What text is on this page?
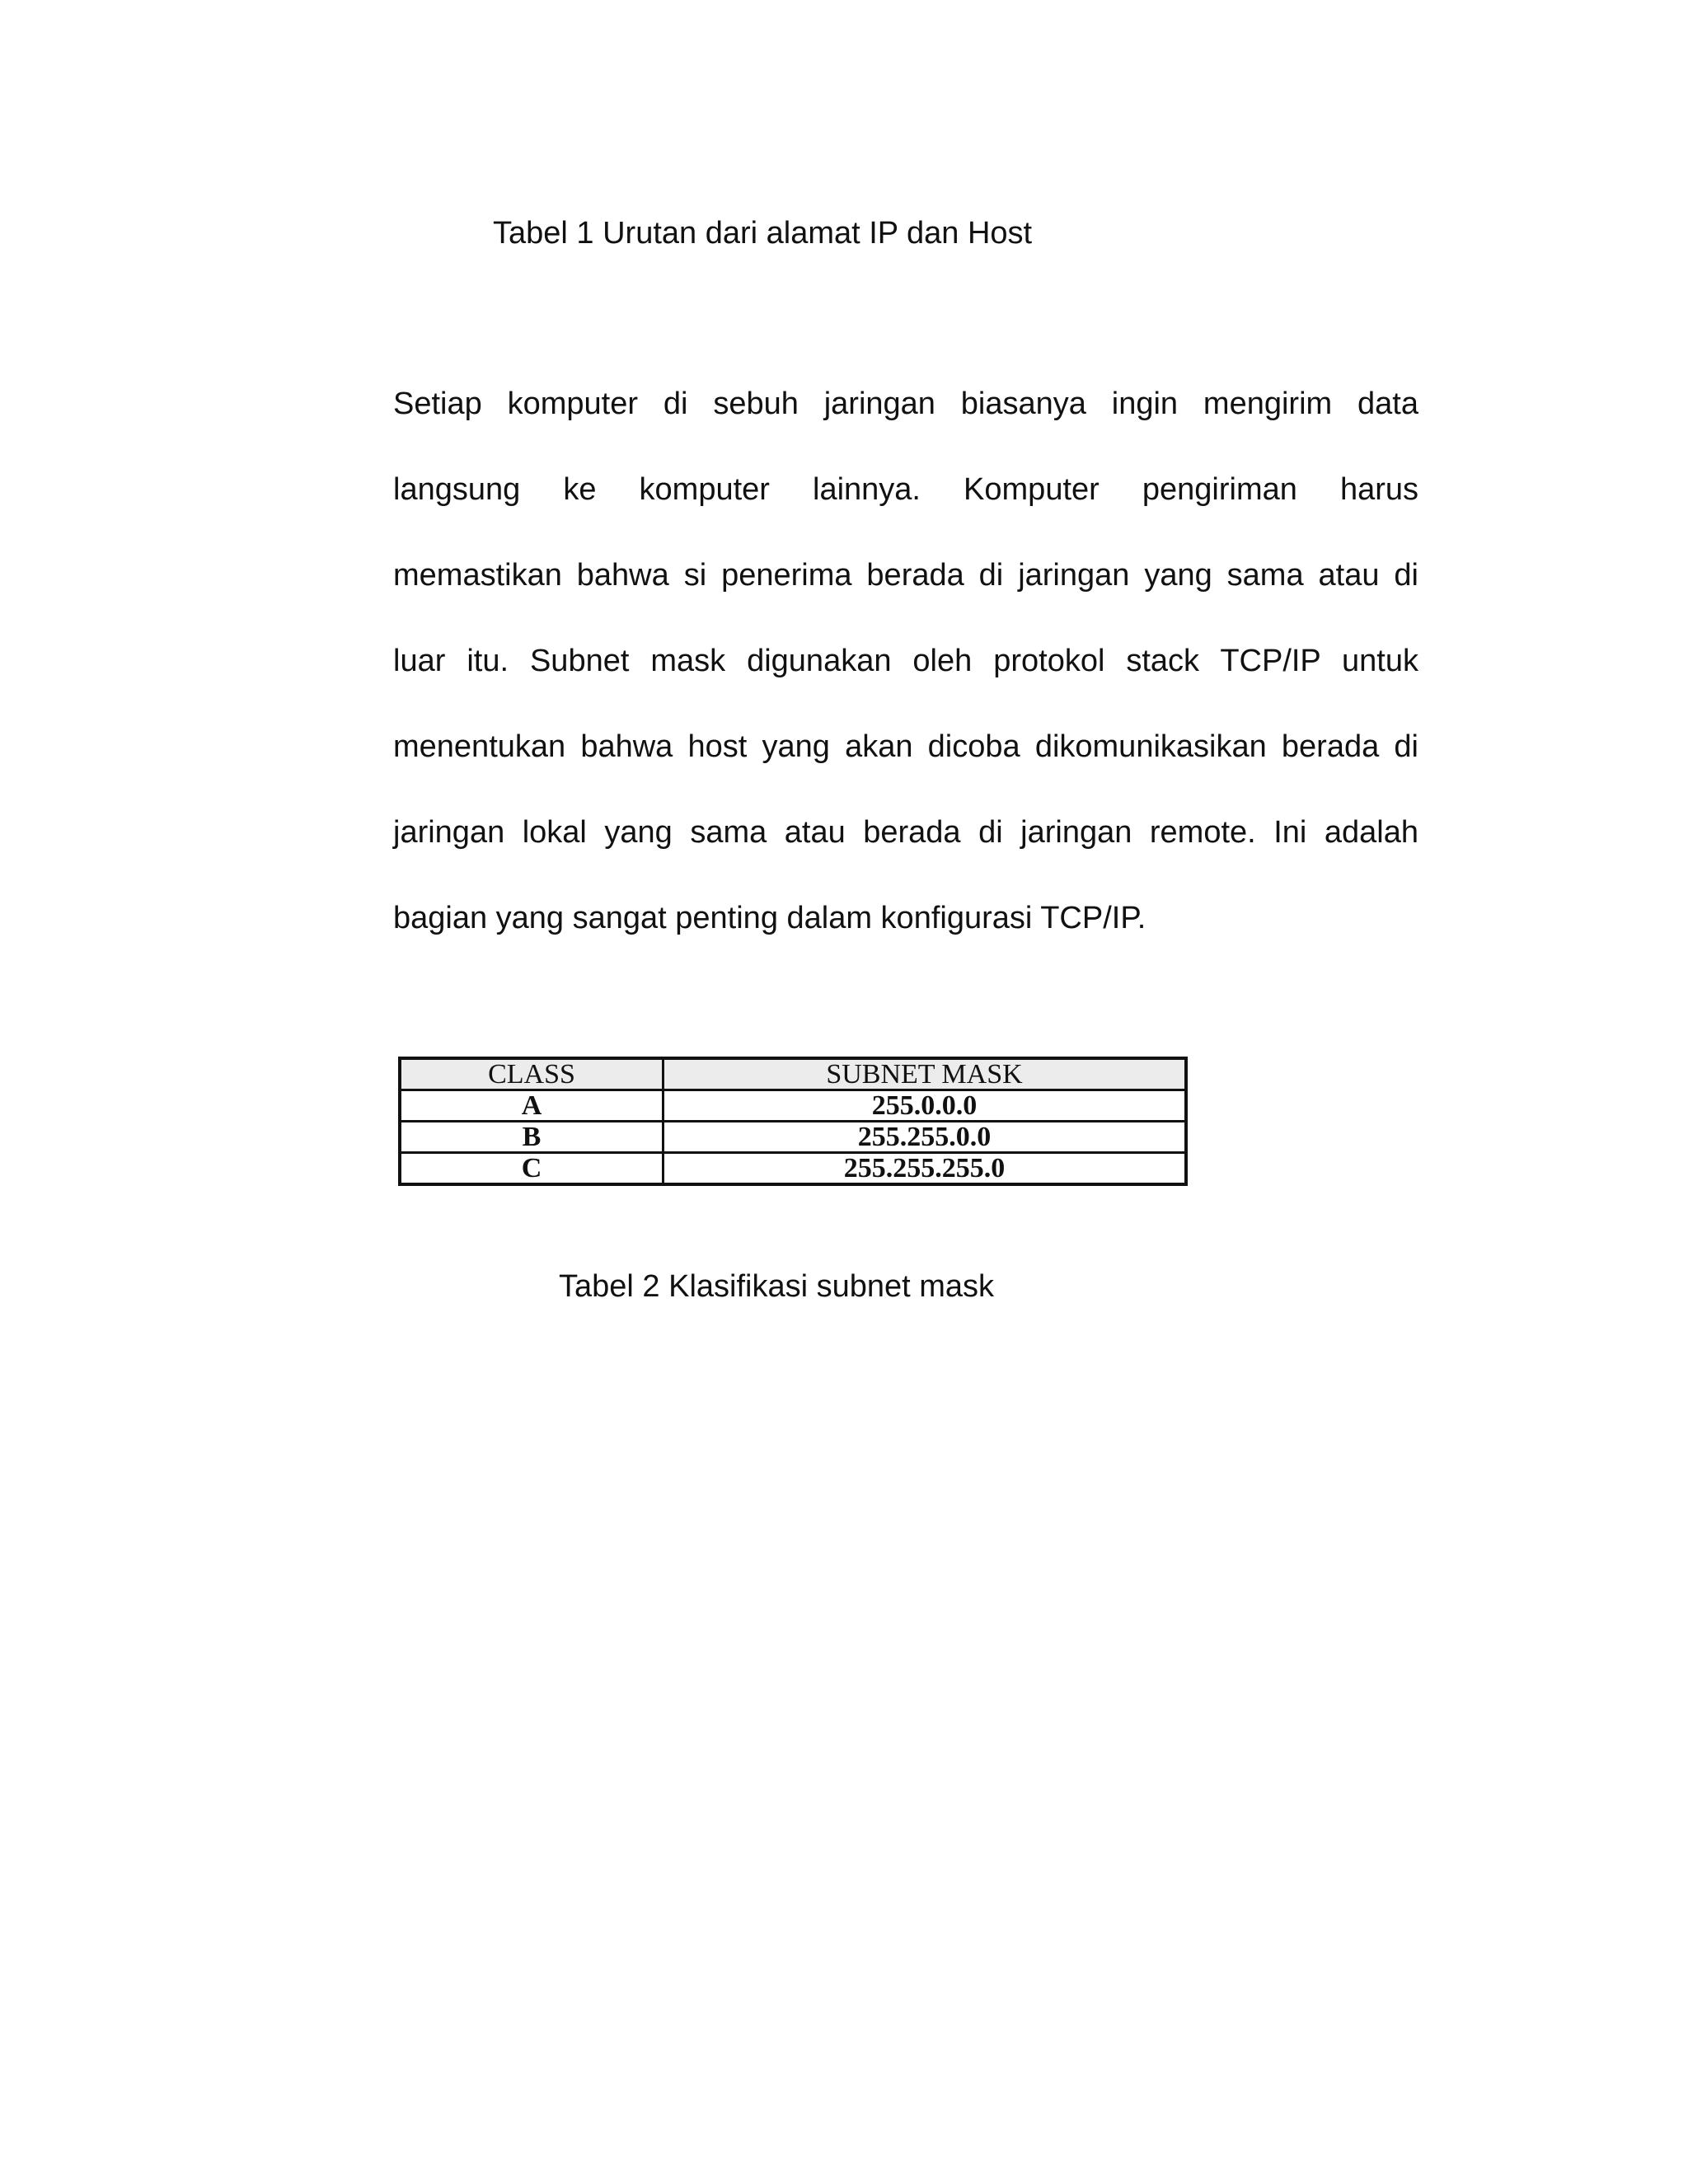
Tabel 1 Urutan dari alamat IP dan Host
Setiap komputer di sebuh jaringan biasanya ingin mengirim data
langsung ke komputer lainnya. Komputer pengiriman harus
memastikan bahwa si penerima berada di jaringan yang sama atau di
luar itu. Subnet mask digunakan oleh protokol stack TCP/IP untuk
menentukan bahwa host yang akan dicoba dikomunikasikan berada di
jaringan lokal yang sama atau berada di jaringan remote. Ini adalah
bagian yang sangat penting dalam konfigurasi TCP/IP.
CLASS	SUBNET MASK
A	255.0.0.0
B	255.255.0.0
C	255.255.255.0
Tabel 2 Klasifikasi subnet mask
